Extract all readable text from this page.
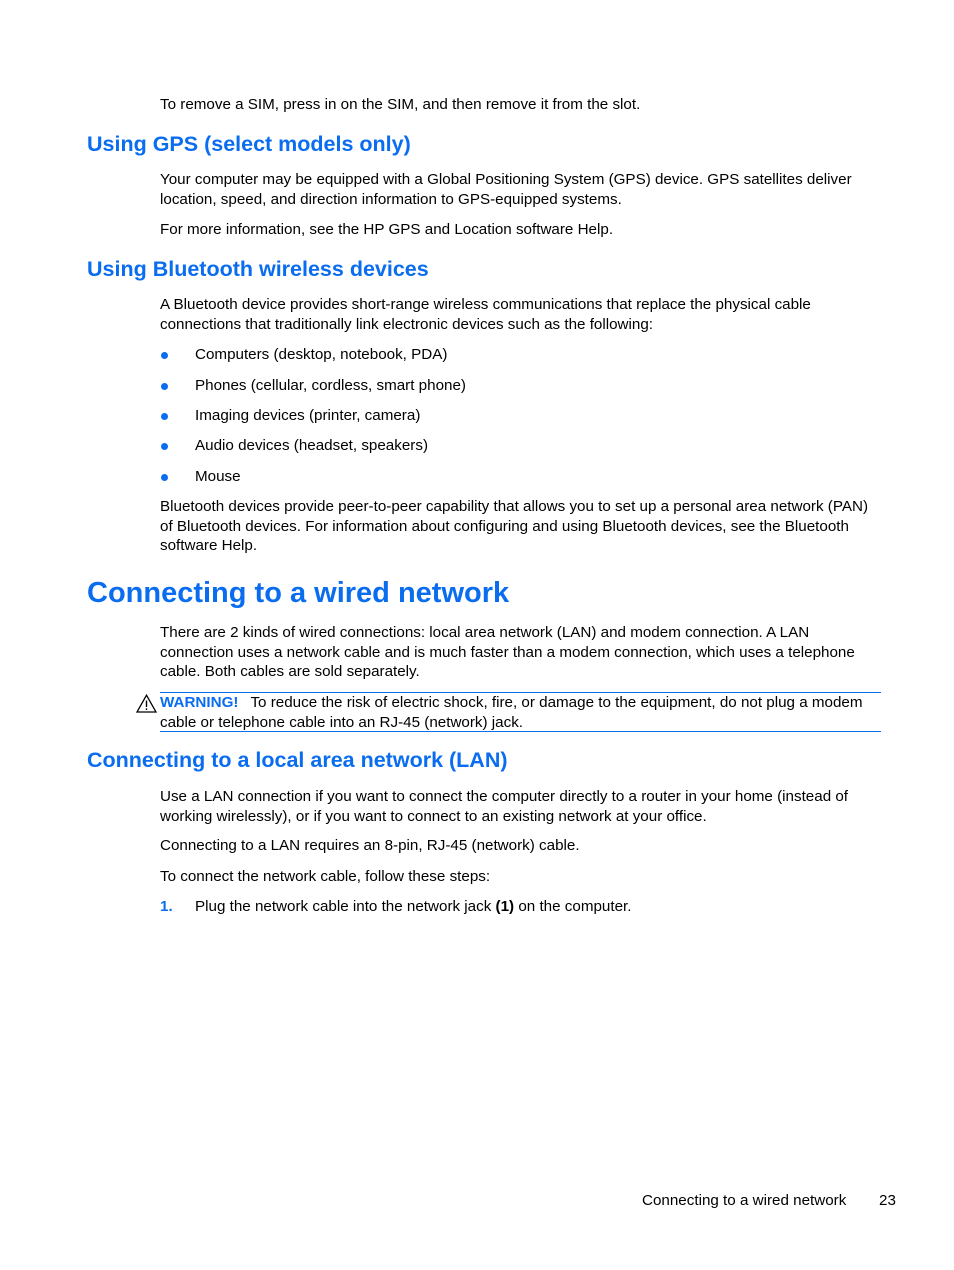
To remove a SIM, press in on the SIM, and then remove it from the slot.

Using GPS (select models only)

Your computer may be equipped with a Global Positioning System (GPS) device. GPS satellites deliver location, speed, and direction information to GPS-equipped systems.

For more information, see the HP GPS and Location software Help.

Using Bluetooth wireless devices

A Bluetooth device provides short-range wireless communications that replace the physical cable connections that traditionally link electronic devices such as the following:

Computers (desktop, notebook, PDA)
Phones (cellular, cordless, smart phone)
Imaging devices (printer, camera)
Audio devices (headset, speakers)
Mouse

Bluetooth devices provide peer-to-peer capability that allows you to set up a personal area network (PAN) of Bluetooth devices. For information about configuring and using Bluetooth devices, see the Bluetooth software Help.

Connecting to a wired network

There are 2 kinds of wired connections: local area network (LAN) and modem connection. A LAN connection uses a network cable and is much faster than a modem connection, which uses a telephone cable. Both cables are sold separately.

WARNING! To reduce the risk of electric shock, fire, or damage to the equipment, do not plug a modem cable or telephone cable into an RJ-45 (network) jack.
Connecting to a local area network (LAN)

Use a LAN connection if you want to connect the computer directly to a router in your home (instead of working wirelessly), or if you want to connect to an existing network at your office.

Connecting to a LAN requires an 8-pin, RJ-45 (network) cable.

To connect the network cable, follow these steps:

1. Plug the network cable into the network jack (1) on the computer.
Connecting to a wired network 23
